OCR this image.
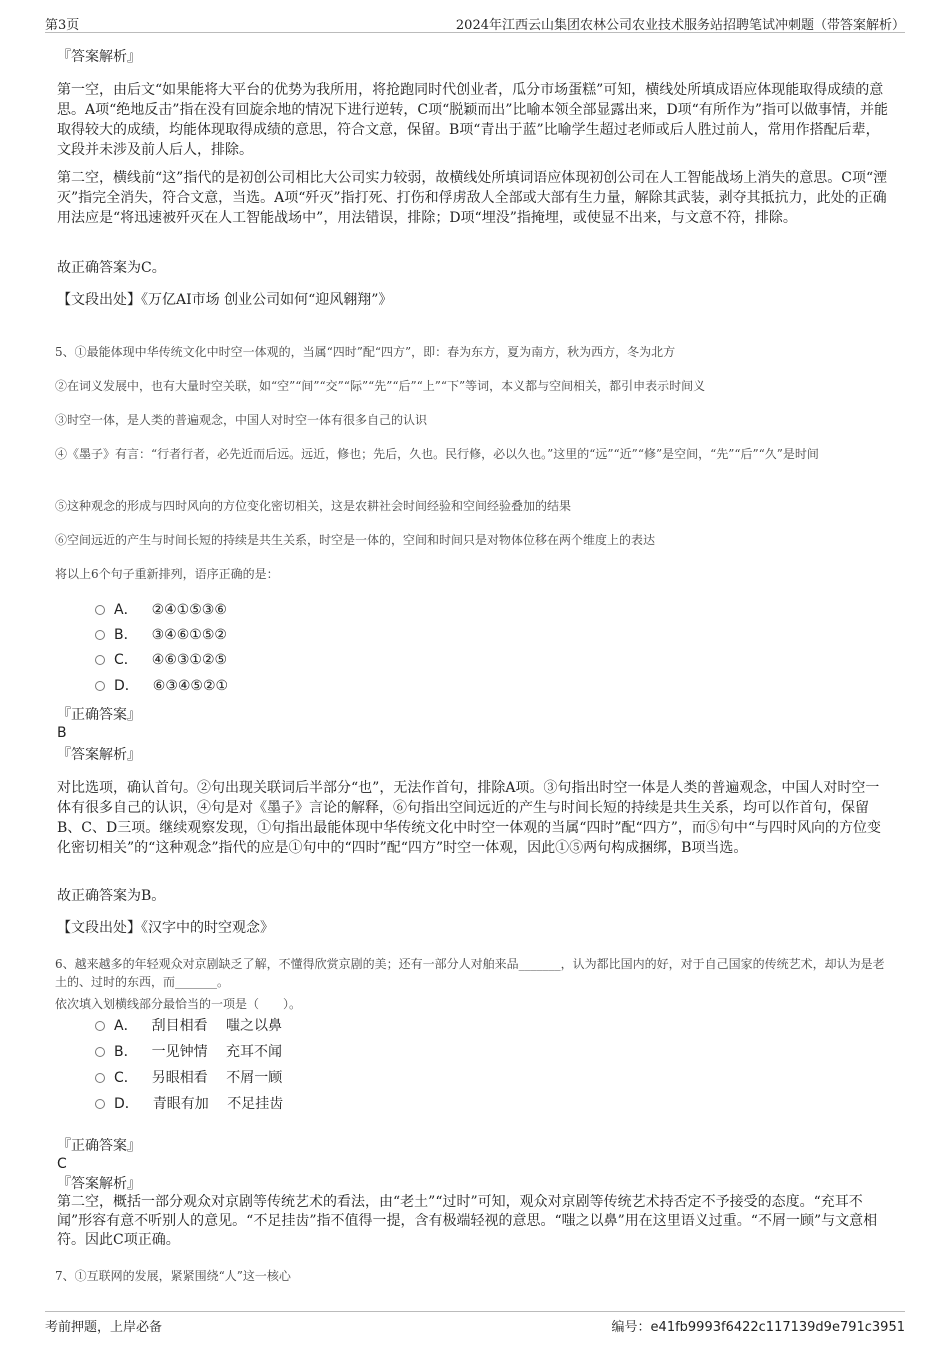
第3页	2024年江西云山集团农林公司农业技术服务站招聘笔试冲刺题（带答案解析）

『答案解析』

第一空，由后文“如果能将大平台的优势为我所用，将抢跑同时代创业者，瓜分市场蛋糕”可知，横线处所填成语应体现能取得成绩的意思。A项“绝地反击”指在没有回旋余地的情况下进行逆转，C项“脱颖而出”比喻本领全部显露出来，D项“有所作为”指可以做事情，并能取得较大的成绩，均能体现取得成绩的意思，符合文意，保留。B项“青出于蓝”比喻学生超过老师或后人胜过前人，常用作搭配后辈，文段并未涉及前人后人，排除。

第二空，横线前“这”指代的是初创公司相比大公司实力较弱，故横线处所填词语应体现初创公司在人工智能战场上消失的意思。C项“湮灭”指完全消失，符合文意，当选。A项“歼灭”指打死、打伤和俘虏敌人全部或大部有生力量，解除其武装，剥夺其抵抗力，此处的正确用法应是“将迅速被歼灭在人工智能战场中”，用法错误，排除；D项“埋没”指掩埋，或使显不出来，与文意不符，排除。

故正确答案为C。

【文段出处】《万亿AI市场 创业公司如何“迎风翱翔”》

5、①最能体现中华传统文化中时空一体观的，当属“四时”配“四方”，即：春为东方，夏为南方，秋为西方，冬为北方

②在词义发展中，也有大量时空关联，如“空”“间”“交”“际”“先”“后”“上”“下”等词，本义都与空间相关，都引申表示时间义

③时空一体，是人类的普遍观念，中国人对时空一体有很多自己的认识

④《墨子》有言：“行者行者，必先近而后远。远近，修也；先后，久也。民行修，必以久也。”这里的“远”“近”“修”是空间，“先”“后”“久”是时间

⑤这种观念的形成与四时风向的方位变化密切相关，这是农耕社会时间经验和空间经验叠加的结果

⑥空间远近的产生与时间长短的持续是共生关系，时空是一体的，空间和时间只是对物体位移在两个维度上的表达

将以上6个句子重新排列，语序正确的是：

A． ②④①⑤③⑥
B． ③④⑥①⑤②
C． ④⑥③①②⑤
D． ⑥③④⑤②①
『正确答案』
B
『答案解析』

对比选项，确认首句。②句出现关联词后半部分“也”，无法作首句，排除A项。③句指出时空一体是人类的普遍观念，中国人对时空一体有很多自己的认识，④句是对《墨子》言论的解释，⑥句指出空间远近的产生与时间长短的持续是共生关系，均可以作首句，保留B、C、D三项。继续观察发现，①句指出最能体现中华传统文化中时空一体观的当属“四时”配“四方”，而⑤句中“与四时风向的方位变化密切相关”的“这种观念”指代的应是①句中的“四时”配“四方”时空一体观，因此①⑤两句构成捆绑，B项当选。

故正确答案为B。

【文段出处】《汉字中的时空观念》

6、越来越多的年轻观众对京剧缺乏了解，不懂得欣赏京剧的美；还有一部分人对舶来品_______，认为都比国内的好，对于自己国家的传统艺术，却认为是老土的、过时的东西，而_______。

依次填入划横线部分最恰当的一项是（　　）。

A． 刮目相看　 嗤之以鼻
B． 一见钟情　 充耳不闻
C． 另眼相看　 不屑一顾
D． 青眼有加　 不足挂齿
『正确答案』
C
『答案解析』

第二空，概括一部分观众对京剧等传统艺术的看法，由“老土”“过时”可知，观众对京剧等传统艺术持否定不予接受的态度。“充耳不闻”形容有意不听别人的意见。“不足挂齿”指不值得一提，含有极端轻视的意思。“嗤之以鼻”用在这里语义过重。“不屑一顾”与文意相符。因此C项正确。

7、①互联网的发展，紧紧围绕“人”这一核心

考前押题，上岸必备	编号：e41fb9993f6422c117139d9e791c3951
